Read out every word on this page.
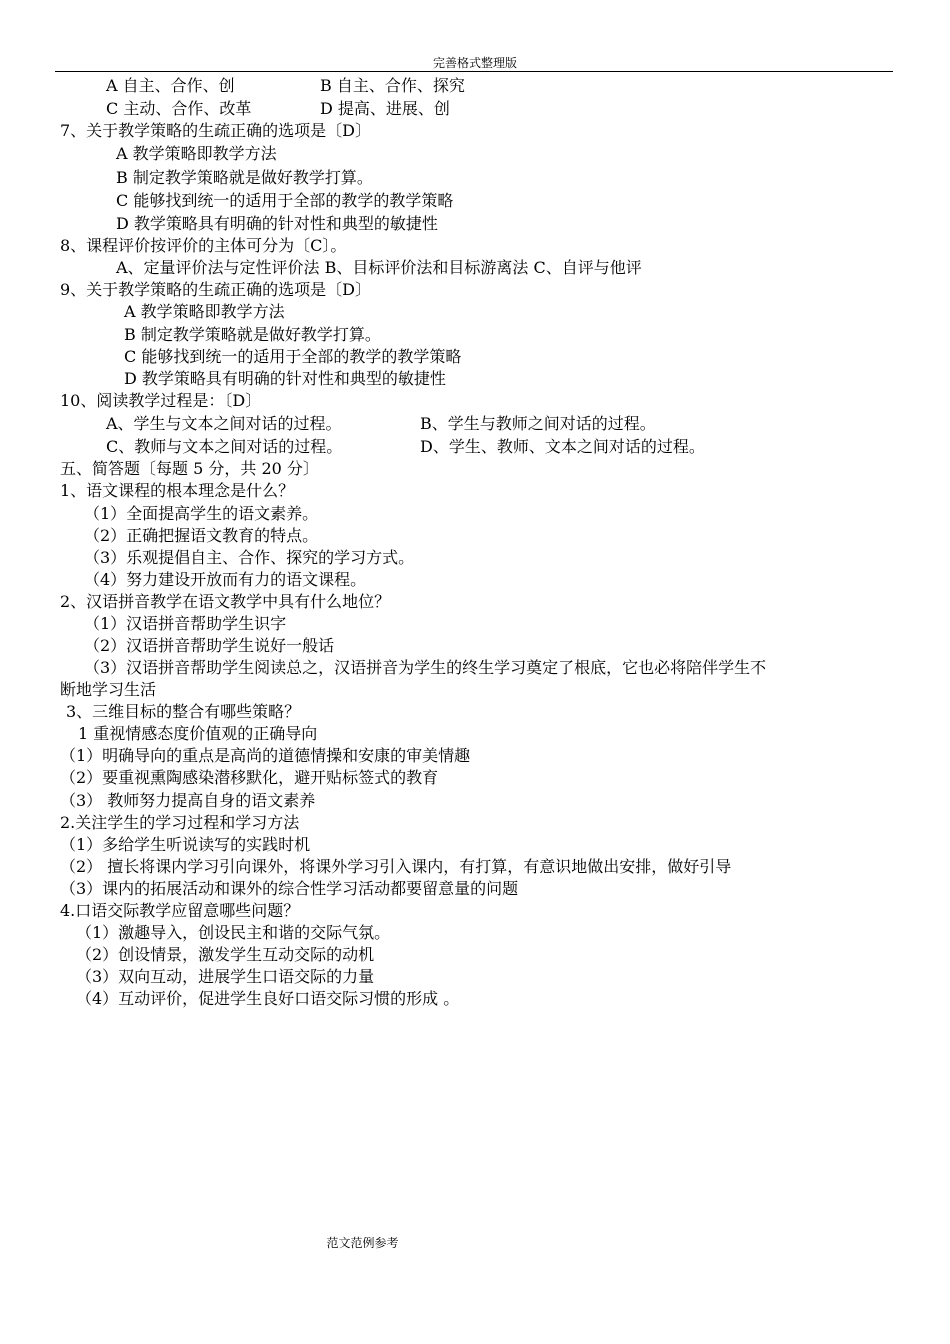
完善格式整理版
A 自主、合作、创	B 自主、合作、探究
C 主动、合作、改革	D 提高、进展、创
7、关于教学策略的生疏正确的选项是〔D〕
A 教学策略即教学方法
B 制定教学策略就是做好教学打算。
C 能够找到统一的适用于全部的教学的教学策略
D 教学策略具有明确的针对性和典型的敏捷性
8、课程评价按评价的主体可分为〔C〕。
A、定量评价法与定性评价法 B、目标评价法和目标游离法 C、自评与他评
9、关于教学策略的生疏正确的选项是〔D〕
A 教学策略即教学方法
B 制定教学策略就是做好教学打算。
C 能够找到统一的适用于全部的教学的教学策略
D 教学策略具有明确的针对性和典型的敏捷性
10、阅读教学过程是：〔D〕
A、学生与文本之间对话的过程。	B、学生与教师之间对话的过程。
C、教师与文本之间对话的过程。	D、学生、教师、文本之间对话的过程。
五、简答题〔每题 5 分，共 20 分〕
1、语文课程的根本理念是什么？
（1）全面提高学生的语文素养。
（2）正确把握语文教育的特点。
（3）乐观提倡自主、合作、探究的学习方式。
（4）努力建设开放而有力的语文课程。
2、汉语拼音教学在语文教学中具有什么地位？
（1）汉语拼音帮助学生识字
（2）汉语拼音帮助学生说好一般话
（3）汉语拼音帮助学生阅读总之，汉语拼音为学生的终生学习奠定了根底，它也必将陪伴学生不
断地学习生活
3、三维目标的整合有哪些策略？
1 重视情感态度价值观的正确导向
（1）明确导向的重点是高尚的道德情操和安康的审美情趣
（2）要重视熏陶感染潜移默化，避开贴标签式的教育
（3） 教师努力提高自身的语文素养
2.关注学生的学习过程和学习方法
（1）多给学生听说读写的实践时机
（2） 擅长将课内学习引向课外，将课外学习引入课内，有打算，有意识地做出安排，做好引导
（3）课内的拓展活动和课外的综合性学习活动都要留意量的问题
4.口语交际教学应留意哪些问题？
（1）激趣导入，创设民主和谐的交际气氛。
（2）创设情景，激发学生互动交际的动机
（3）双向互动，进展学生口语交际的力量
（4）互动评价，促进学生良好口语交际习惯的形成 。
范文范例参考
